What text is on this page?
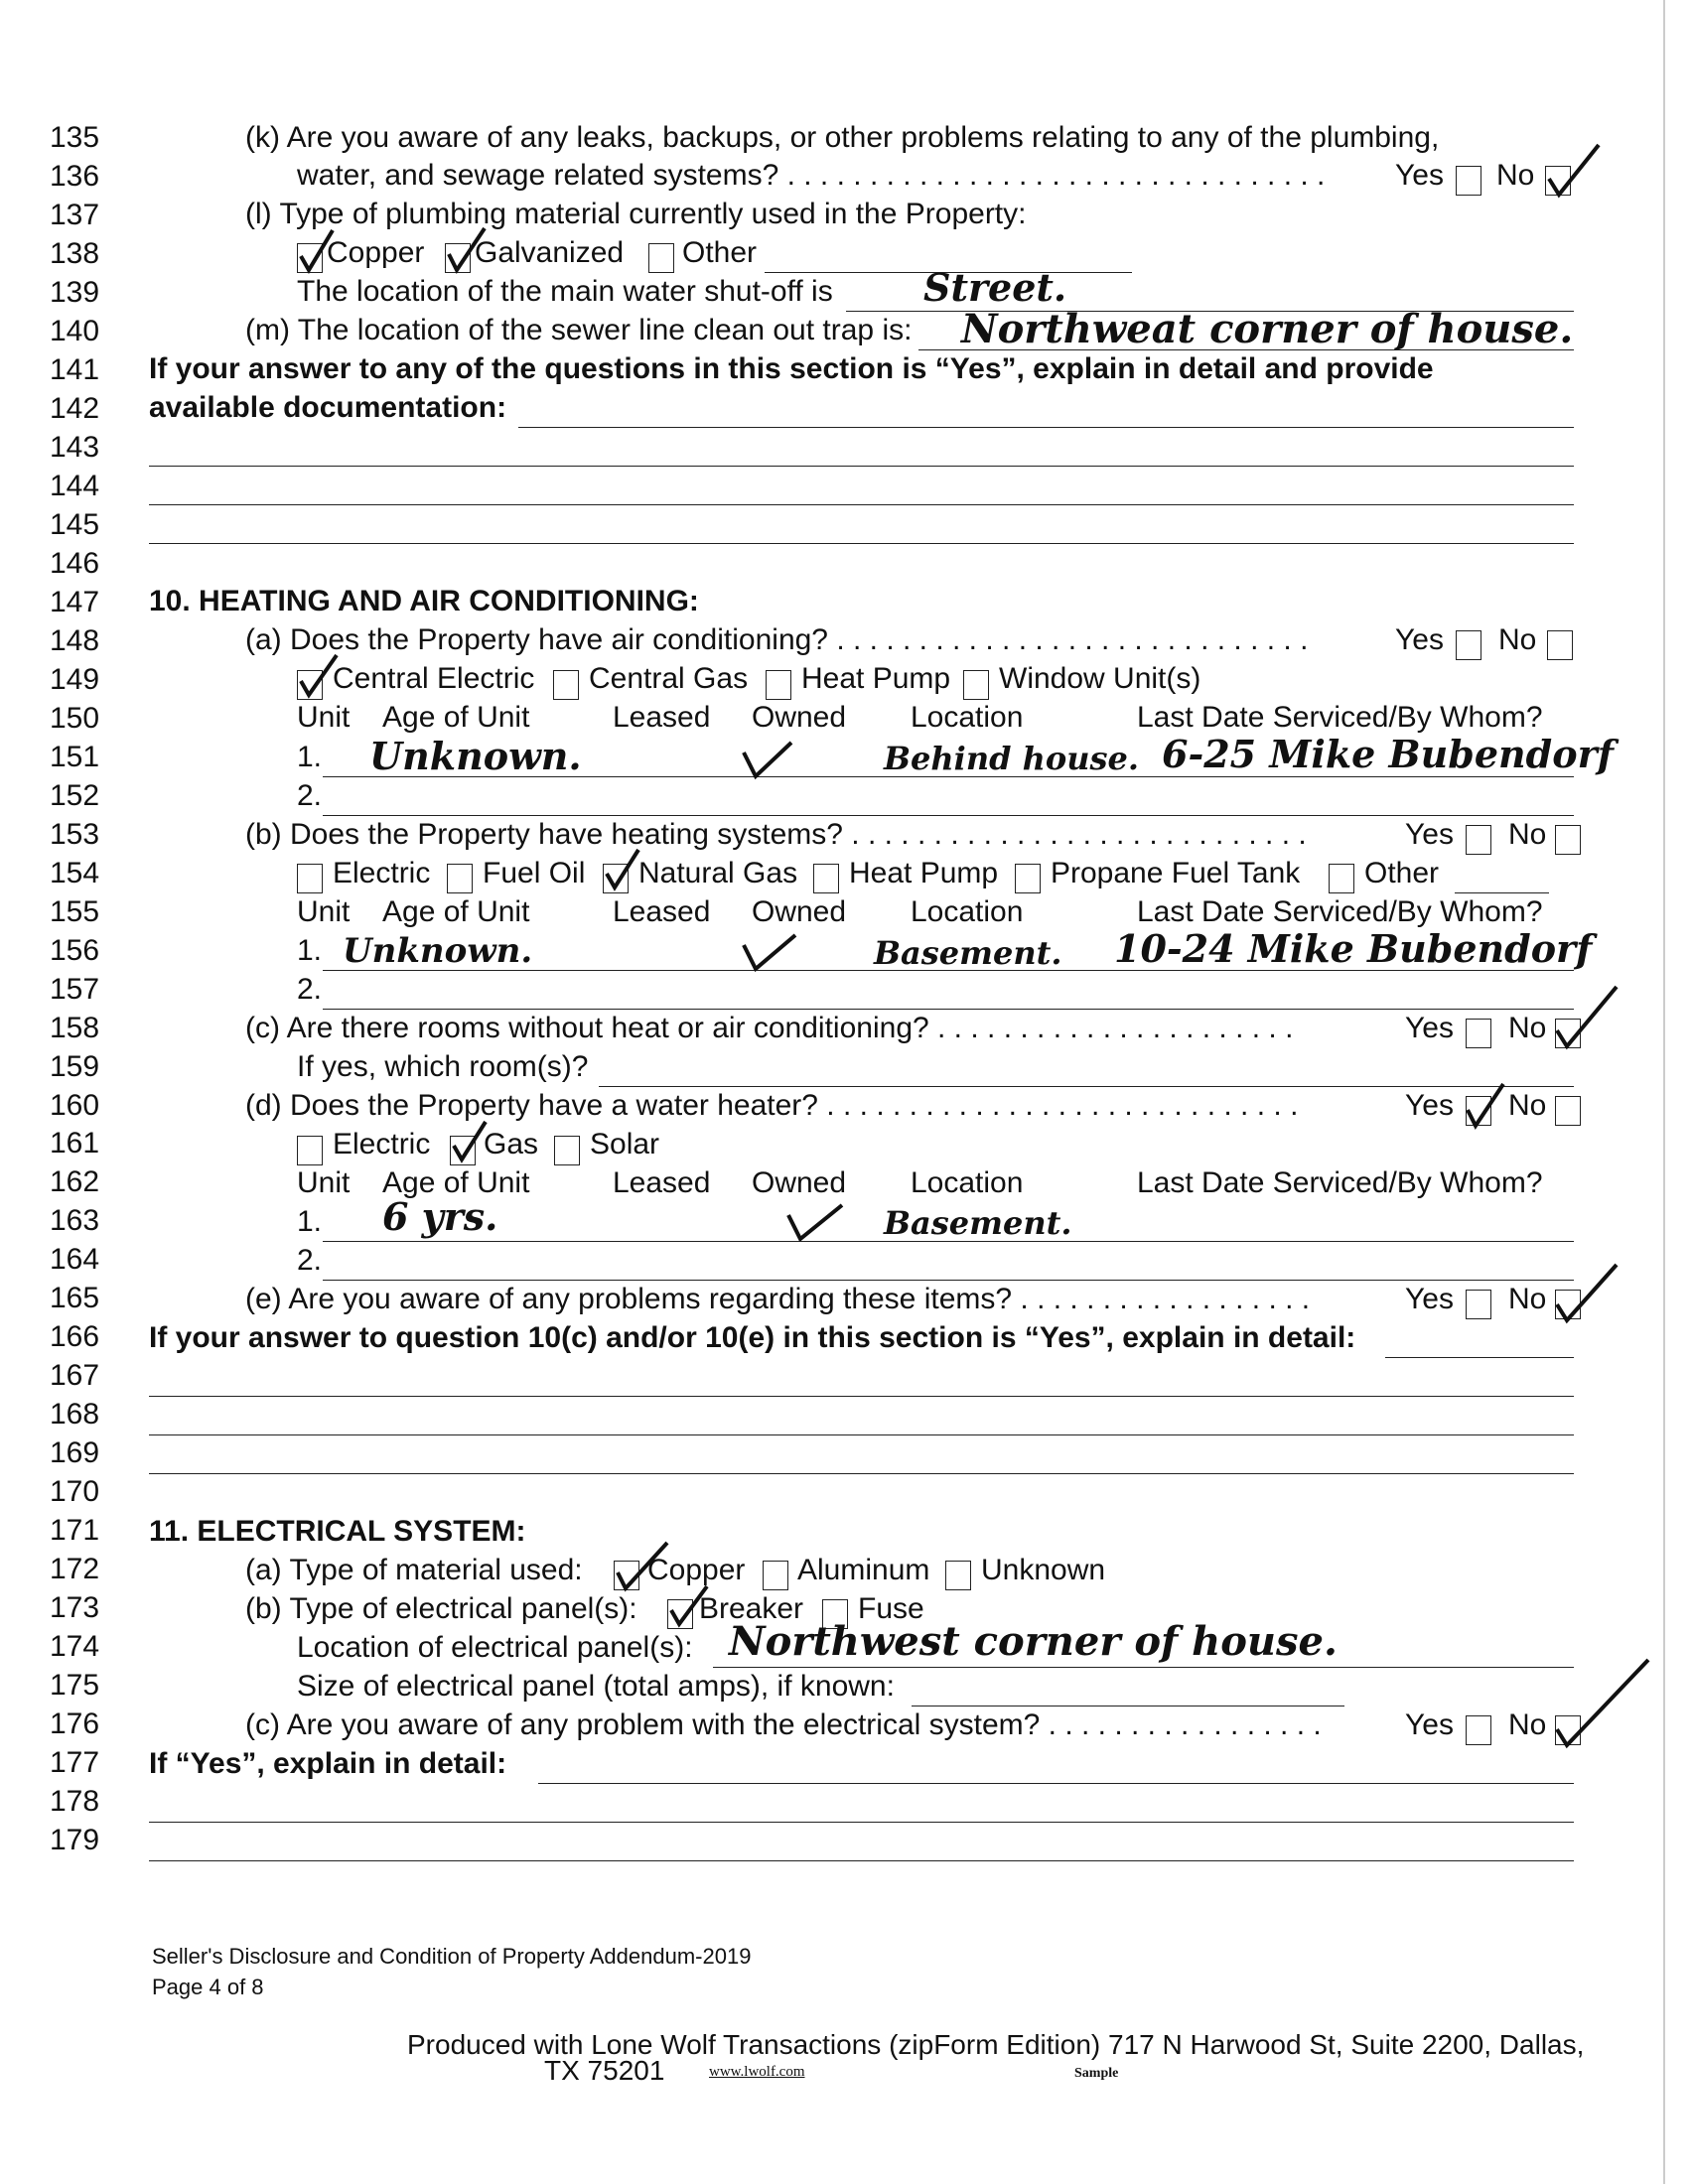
135
136
137
138
139
140
141
142
143
144
145
146
147
148
149
150
151
152
153
154
155
156
157
158
159
160
161
162
163
164
165
166
167
168
169
170
171
172
173
174
175
176
177
178
179
(k) Are you aware of any leaks, backups, or other problems relating to any of the plumbing,
water, and sewage related systems? . . . . . . . . . . . . . . . . . . . . . . . . . . . . . . . . . Yes No
(l) Type of plumbing material currently used in the Property:
Copper Galvanized Other
The location of the main water shut-off is Street.
(m) The location of the sewer line clean out trap is: Northweat corner of house.
If your answer to any of the questions in this section is “Yes”, explain in detail and provide
available documentation:
10. HEATING AND AIR CONDITIONING:
(a) Does the Property have air conditioning? . . . . . . . . . . . . . . . . . . . . . . . . . . . . .	Yes No
Central Electric Central Gas Heat Pump Window Unit(s)
Unit Age of Unit	Leased Owned Location	Last Date Serviced/By Whom?
1. Unknown.	Behind house. 6-25 Mike Bubendorf
2.
(b) Does the Property have heating systems? . . . . . . . . . . . . . . . . . . . . . . . . . . . .	Yes No
Electric Fuel Oil Natural Gas Heat Pump Propane Fuel Tank Other
Unit Age of Unit	Leased Owned Location	Last Date Serviced/By Whom?
1. Unknown.	Basement. 10-24 Mike Bubendorf
2.
(c) Are there rooms without heat or air conditioning? . . . . . . . . . . . . . . . . . . . . . .	Yes No
If yes, which room(s)?
(d) Does the Property have a water heater? . . . . . . . . . . . . . . . . . . . . . . . . . . . . .	Yes No
Electric Gas Solar
Unit Age of Unit	Leased Owned Location	Last Date Serviced/By Whom?
1. 6 yrs.	Basement.
2.
(e) Are you aware of any problems regarding these items? . . . . . . . . . . . . . . . . . .	Yes No
If your answer to question 10(c) and/or 10(e) in this section is “Yes”, explain in detail:
11. ELECTRICAL SYSTEM:
(a) Type of material used: Copper Aluminum Unknown
(b) Type of electrical panel(s): Breaker Fuse
Location of electrical panel(s): Northwest corner of house.
Size of electrical panel (total amps), if known:
(c) Are you aware of any problem with the electrical system? . . . . . . . . . . . . . . . . .	Yes No
If “Yes”, explain in detail:
Seller's Disclosure and Condition of Property Addendum-2019
Page 4 of 8
Produced with Lone Wolf Transactions (zipForm Edition) 717 N Harwood St, Suite 2200, Dallas,
TX 75201	www.lwolf.com	Sample
